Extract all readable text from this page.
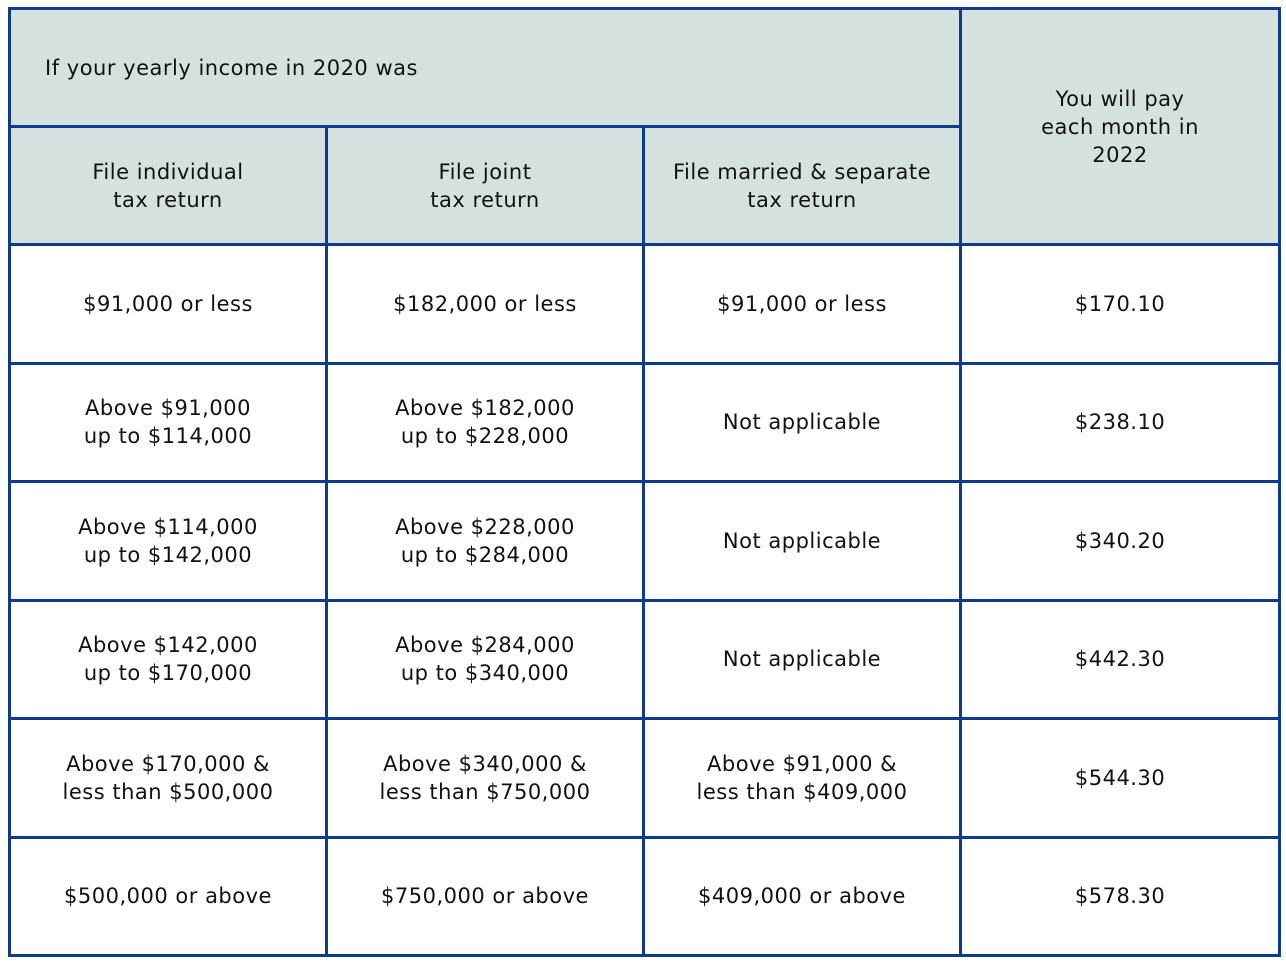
If your yearly income in 2020 was			You will pay
each month in
2022
File individual
tax return	File joint
tax return	File married & separate
tax return	
$91,000 or less	$182,000 or less	$91,000 or less	$170.10
Above $91,000
up to $114,000	Above $182,000
up to $228,000	Not applicable	$238.10
Above $114,000
up to $142,000	Above $228,000
up to $284,000	Not applicable	$340.20
Above $142,000
up to $170,000	Above $284,000
up to $340,000	Not applicable	$442.30
Above $170,000 &
less than $500,000	Above $340,000 &
less than $750,000	Above $91,000 &
less than $409,000	$544.30
$500,000 or above	$750,000 or above	$409,000 or above	$578.30
